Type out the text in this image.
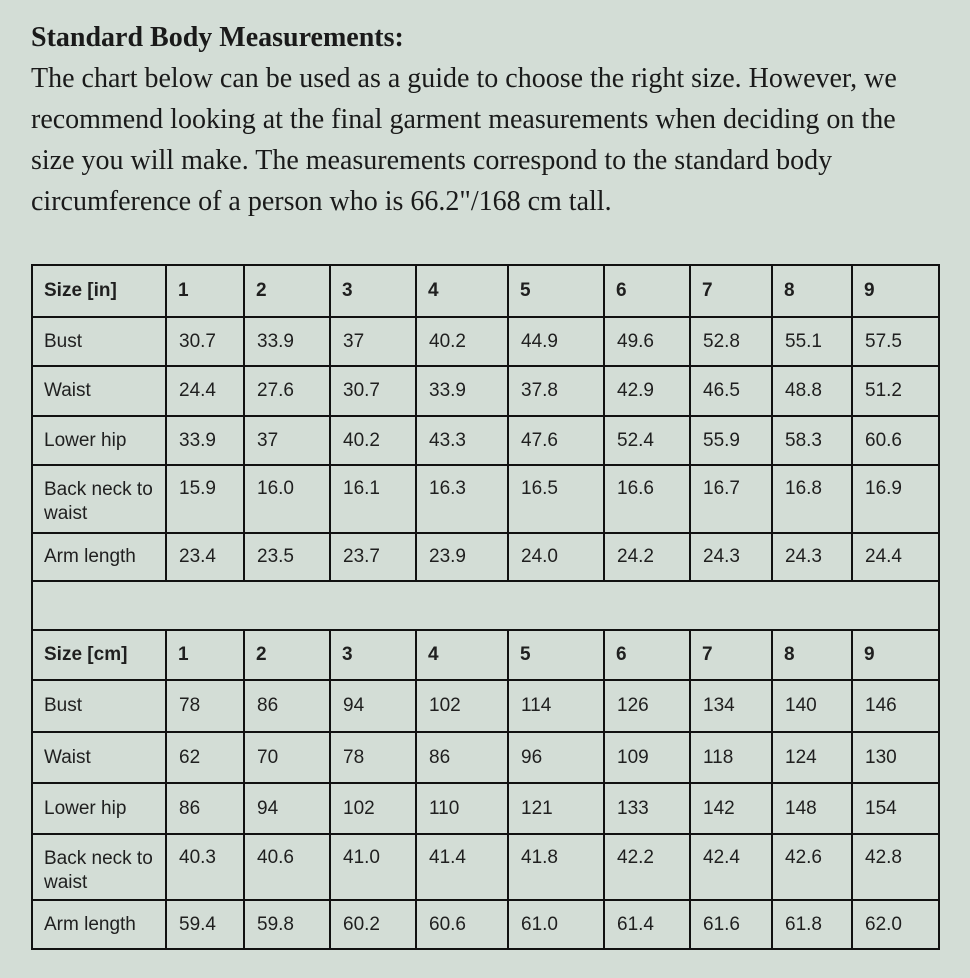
Standard Body Measurements:

The chart below can be used as a guide to choose the right size. However, we recommend looking at the final garment measurements when deciding on the size you will make. The measurements correspond to the standard body circumference of a person who is 66.2"/168 cm tall.

Size [in]	1	2	3	4	5	6	7	8	9
Bust	30.7	33.9	37	40.2	44.9	49.6	52.8	55.1	57.5
Waist	24.4	27.6	30.7	33.9	37.8	42.9	46.5	48.8	51.2
Lower hip	33.9	37	40.2	43.3	47.6	52.4	55.9	58.3	60.6
Back neck to waist	15.9	16.0	16.1	16.3	16.5	16.6	16.7	16.8	16.9
Arm length	23.4	23.5	23.7	23.9	24.0	24.2	24.3	24.3	24.4

Size [cm]	1	2	3	4	5	6	7	8	9
Bust	78	86	94	102	114	126	134	140	146
Waist	62	70	78	86	96	109	118	124	130
Lower hip	86	94	102	110	121	133	142	148	154
Back neck to waist	40.3	40.6	41.0	41.4	41.8	42.2	42.4	42.6	42.8
Arm length	59.4	59.8	60.2	60.6	61.0	61.4	61.6	61.8	62.0
